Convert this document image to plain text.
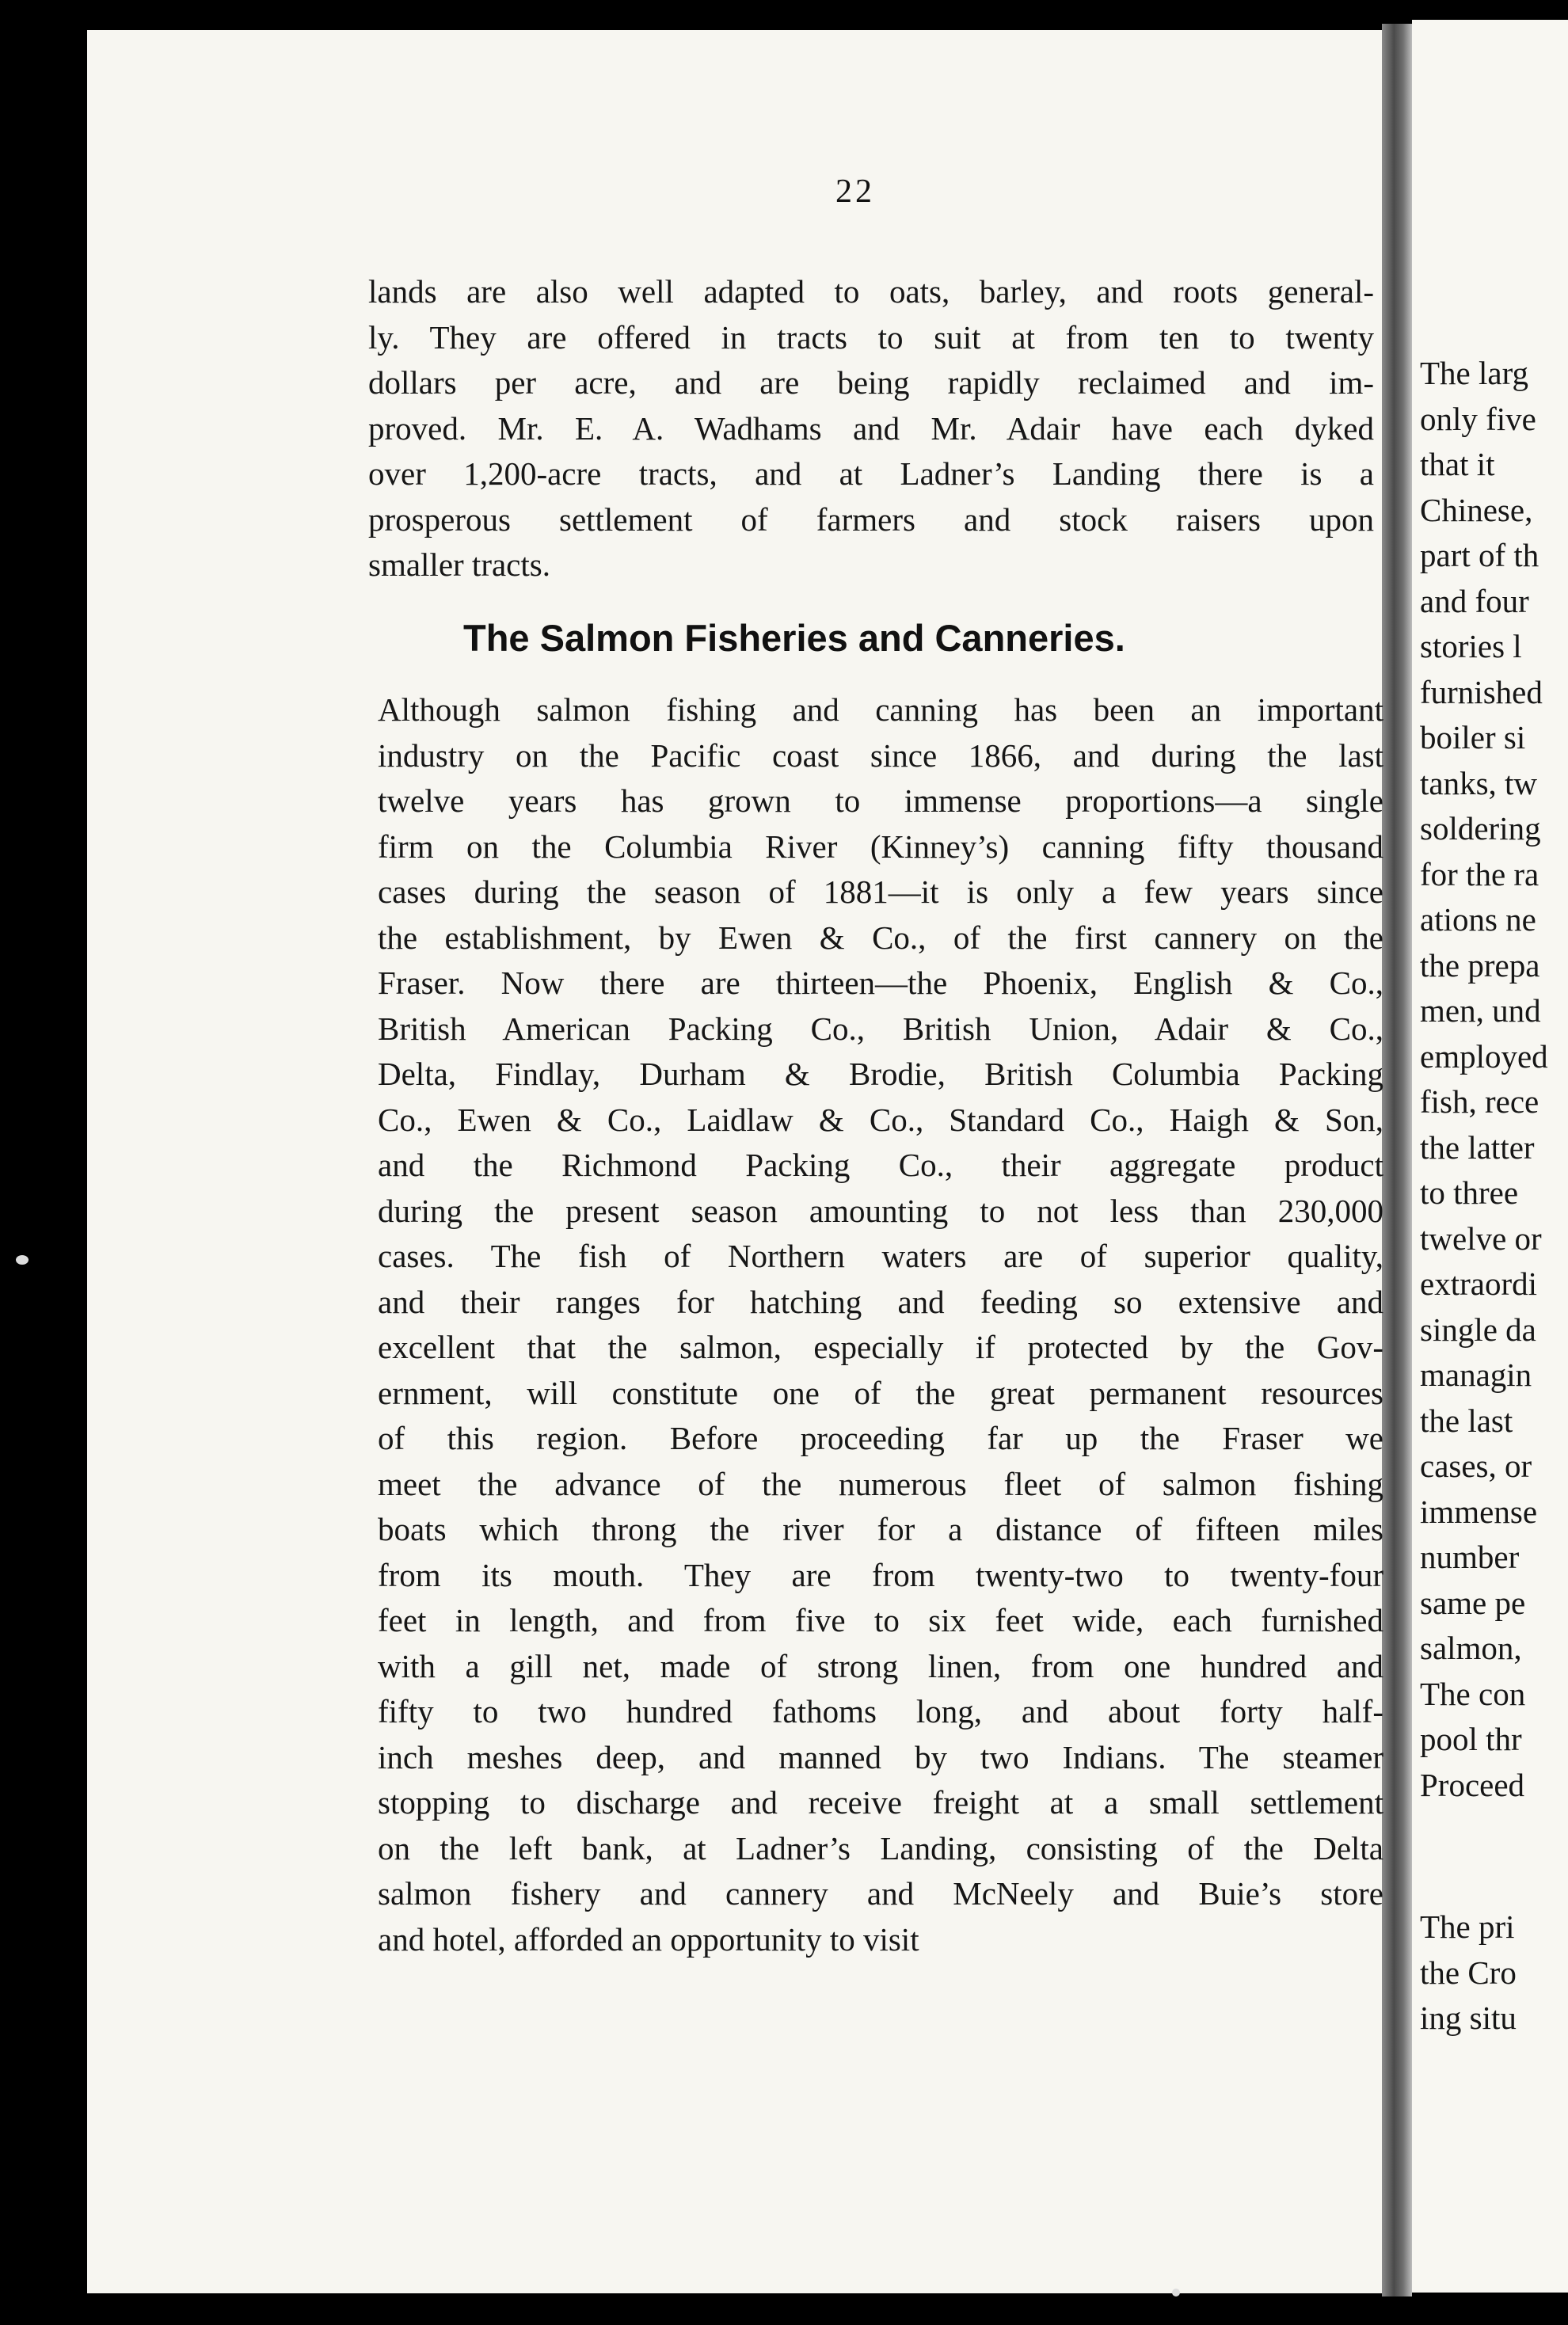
The larg
only five
that it
Chinese,
part of th
and four
stories l
furnished
boiler si
tanks, tw
soldering
for the ra
ations ne
the prepa
men, und
employed
fish, rece
the latter
to three
twelve or
extraordi
single da
managin
the last
cases, or
immense
number
same pe
salmon,
The con
pool thr
Proceed
The pri
the Cro
ing situ
22
lands are also well adapted to oats, barley, and roots general-
ly. They are offered in tracts to suit at from ten to twenty
dollars per acre, and are being rapidly reclaimed and im-
proved. Mr. E. A. Wadhams and Mr. Adair have each dyked
over 1,200-acre tracts, and at Ladner’s Landing there is a
prosperous settlement of farmers and stock raisers upon
smaller tracts.
The Salmon Fisheries and Canneries.
Although salmon fishing and canning has been an important
industry on the Pacific coast since 1866, and during the last
twelve years has grown to immense proportions—a single
firm on the Columbia River (Kinney’s) canning fifty thousand
cases during the season of 1881—it is only a few years since
the establishment, by Ewen & Co., of the first cannery on the
Fraser. Now there are thirteen—the Phoenix, English & Co.,
British American Packing Co., British Union, Adair & Co.,
Delta, Findlay, Durham & Brodie, British Columbia Packing
Co., Ewen & Co., Laidlaw & Co., Standard Co., Haigh & Son,
and the Richmond Packing Co., their aggregate product
during the present season amounting to not less than 230,000
cases. The fish of Northern waters are of superior quality,
and their ranges for hatching and feeding so extensive and
excellent that the salmon, especially if protected by the Gov-
ernment, will constitute one of the great permanent resources
of this region. Before proceeding far up the Fraser we
meet the advance of the numerous fleet of salmon fishing
boats which throng the river for a distance of fifteen miles
from its mouth. They are from twenty-two to twenty-four
feet in length, and from five to six feet wide, each furnished
with a gill net, made of strong linen, from one hundred and
fifty to two hundred fathoms long, and about forty half-
inch meshes deep, and manned by two Indians. The steamer
stopping to discharge and receive freight at a small settlement
on the left bank, at Ladner’s Landing, consisting of the Delta
salmon fishery and cannery and McNeely and Buie’s store
and hotel, afforded an opportunity to visit
